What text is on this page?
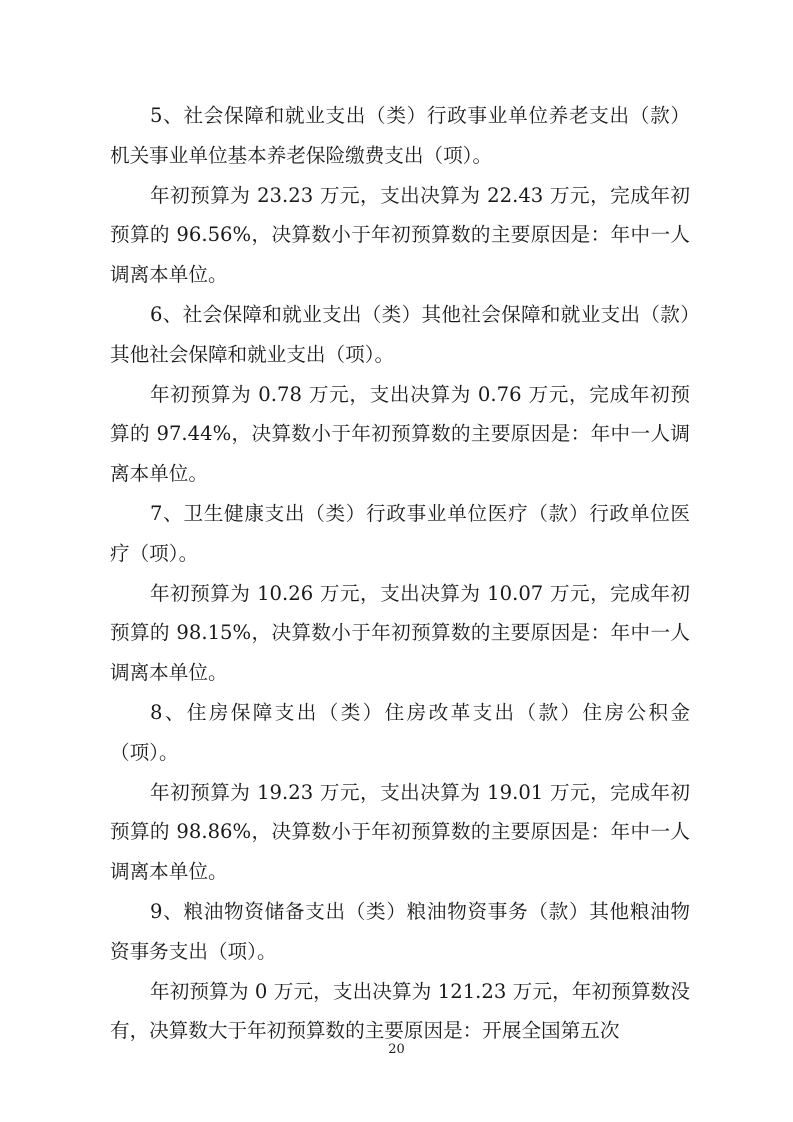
5、社会保障和就业支出（类）行政事业单位养老支出（款）机关事业单位基本养老保险缴费支出（项）。

年初预算为 23.23 万元，支出决算为 22.43 万元，完成年初预算的 96.56%，决算数小于年初预算数的主要原因是：年中一人调离本单位。

6、社会保障和就业支出（类）其他社会保障和就业支出（款）其他社会保障和就业支出（项）。

年初预算为 0.78 万元，支出决算为 0.76 万元，完成年初预算的 97.44%，决算数小于年初预算数的主要原因是：年中一人调离本单位。

7、卫生健康支出（类）行政事业单位医疗（款）行政单位医疗（项）。

年初预算为 10.26 万元，支出决算为 10.07 万元，完成年初预算的 98.15%，决算数小于年初预算数的主要原因是：年中一人调离本单位。

8、住房保障支出（类）住房改革支出（款）住房公积金（项）。

年初预算为 19.23 万元，支出决算为 19.01 万元，完成年初预算的 98.86%，决算数小于年初预算数的主要原因是：年中一人调离本单位。

9、粮油物资储备支出（类）粮油物资事务（款）其他粮油物资事务支出（项）。

年初预算为 0 万元，支出决算为 121.23 万元，年初预算数没有，决算数大于年初预算数的主要原因是：开展全国第五次

20
